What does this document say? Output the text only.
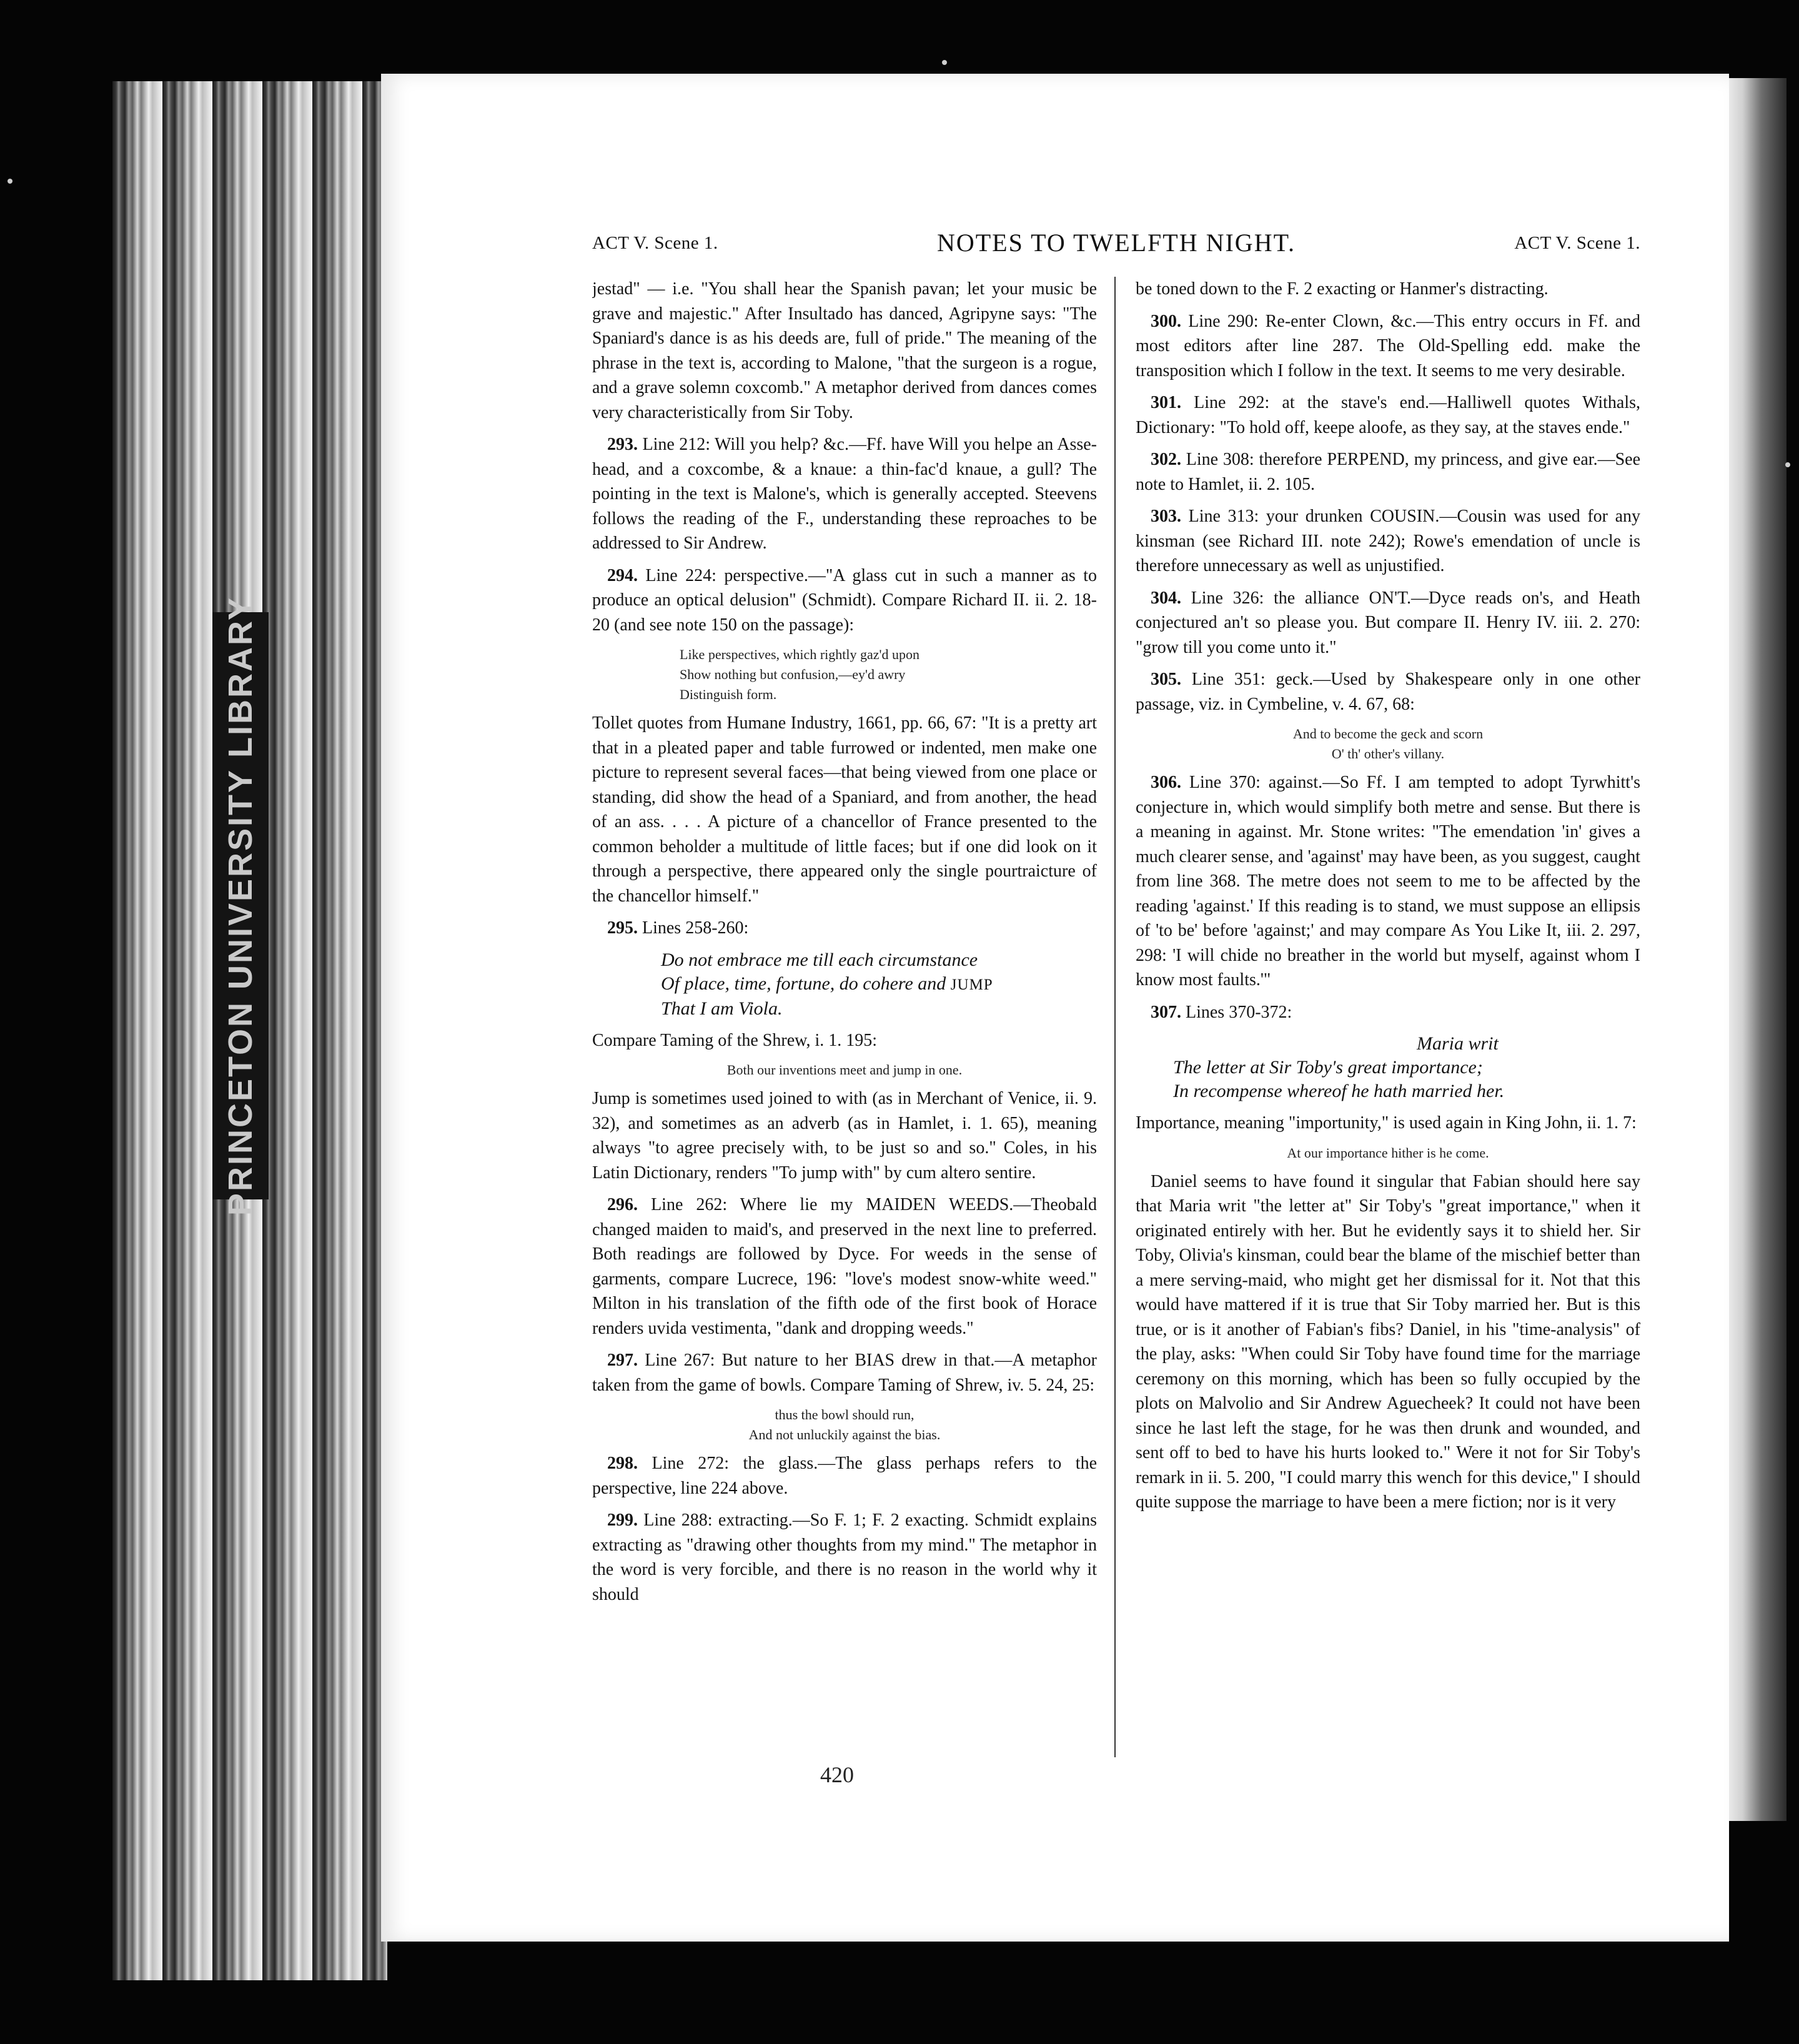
PRINCETON UNIVERSITY LIBRARY
ACT V. Scene 1.	NOTES TO TWELFTH NIGHT.	ACT V. Scene 1.

jestad" — i.e. "You shall hear the Spanish pavan; let your music be grave and majestic." After Insultado has danced, Agripyne says: "The Spaniard's dance is as his deeds are, full of pride." The meaning of the phrase in the text is, according to Malone, "that the surgeon is a rogue, and a grave solemn coxcomb." A metaphor derived from dances comes very characteristically from Sir Toby.

293. Line 212: Will you help? &c.—Ff. have Will you helpe an Asse-head, and a coxcombe, & a knaue: a thin-fac'd knaue, a gull? The pointing in the text is Malone's, which is generally accepted. Steevens follows the reading of the F., understanding these reproaches to be addressed to Sir Andrew.

294. Line 224: perspective.—"A glass cut in such a manner as to produce an optical delusion" (Schmidt). Compare Richard II. ii. 2. 18-20 (and see note 150 on the passage):

Like perspectives, which rightly gaz'd upon
Show nothing but confusion,—ey'd awry
Distinguish form.

Tollet quotes from Humane Industry, 1661, pp. 66, 67: "It is a pretty art that in a pleated paper and table furrowed or indented, men make one picture to represent several faces—that being viewed from one place or standing, did show the head of a Spaniard, and from another, the head of an ass. . . . A picture of a chancellor of France presented to the common beholder a multitude of little faces; but if one did look on it through a perspective, there appeared only the single pourtraicture of the chancellor himself."

295. Lines 258-260:

Do not embrace me till each circumstance
Of place, time, fortune, do cohere and JUMP
That I am Viola.

Compare Taming of the Shrew, i. 1. 195:

Both our inventions meet and jump in one.

Jump is sometimes used joined to with (as in Merchant of Venice, ii. 9. 32), and sometimes as an adverb (as in Hamlet, i. 1. 65), meaning always "to agree precisely with, to be just so and so." Coles, in his Latin Dictionary, renders "To jump with" by cum altero sentire.

296. Line 262: Where lie my MAIDEN WEEDS.—Theobald changed maiden to maid's, and preserved in the next line to preferred. Both readings are followed by Dyce. For weeds in the sense of garments, compare Lucrece, 196: "love's modest snow-white weed." Milton in his translation of the fifth ode of the first book of Horace renders uvida vestimenta, "dank and dropping weeds."

297. Line 267: But nature to her BIAS drew in that.—A metaphor taken from the game of bowls. Compare Taming of Shrew, iv. 5. 24, 25:

thus the bowl should run,
And not unluckily against the bias.

298. Line 272: the glass.—The glass perhaps refers to the perspective, line 224 above.

299. Line 288: extracting.—So F. 1; F. 2 exacting. Schmidt explains extracting as "drawing other thoughts from my mind." The metaphor in the word is very forcible, and there is no reason in the world why it should

be toned down to the F. 2 exacting or Hanmer's distracting.

300. Line 290: Re-enter Clown, &c.—This entry occurs in Ff. and most editors after line 287. The Old-Spelling edd. make the transposition which I follow in the text. It seems to me very desirable.

301. Line 292: at the stave's end.—Halliwell quotes Withals, Dictionary: "To hold off, keepe aloofe, as they say, at the staves ende."

302. Line 308: therefore PERPEND, my princess, and give ear.—See note to Hamlet, ii. 2. 105.

303. Line 313: your drunken COUSIN.—Cousin was used for any kinsman (see Richard III. note 242); Rowe's emendation of uncle is therefore unnecessary as well as unjustified.

304. Line 326: the alliance ON'T.—Dyce reads on's, and Heath conjectured an't so please you. But compare II. Henry IV. iii. 2. 270: "grow till you come unto it."

305. Line 351: geck.—Used by Shakespeare only in one other passage, viz. in Cymbeline, v. 4. 67, 68:

And to become the geck and scorn
O' th' other's villany.

306. Line 370: against.—So Ff. I am tempted to adopt Tyrwhitt's conjecture in, which would simplify both metre and sense. But there is a meaning in against. Mr. Stone writes: "The emendation 'in' gives a much clearer sense, and 'against' may have been, as you suggest, caught from line 368. The metre does not seem to me to be affected by the reading 'against.' If this reading is to stand, we must suppose an ellipsis of 'to be' before 'against;' and may compare As You Like It, iii. 2. 297, 298: 'I will chide no breather in the world but myself, against whom I know most faults.'"

307. Lines 370-372:

Maria writ
The letter at Sir Toby's great importance;
In recompense whereof he hath married her.

Importance, meaning "importunity," is used again in King John, ii. 1. 7:

At our importance hither is he come.

Daniel seems to have found it singular that Fabian should here say that Maria writ "the letter at" Sir Toby's "great importance," when it originated entirely with her. But he evidently says it to shield her. Sir Toby, Olivia's kinsman, could bear the blame of the mischief better than a mere serving-maid, who might get her dismissal for it. Not that this would have mattered if it is true that Sir Toby married her. But is this true, or is it another of Fabian's fibs? Daniel, in his "time-analysis" of the play, asks: "When could Sir Toby have found time for the marriage ceremony on this morning, which has been so fully occupied by the plots on Malvolio and Sir Andrew Aguecheek? It could not have been since he last left the stage, for he was then drunk and wounded, and sent off to bed to have his hurts looked to." Were it not for Sir Toby's remark in ii. 5. 200, "I could marry this wench for this device," I should quite suppose the marriage to have been a mere fiction; nor is it very

420
